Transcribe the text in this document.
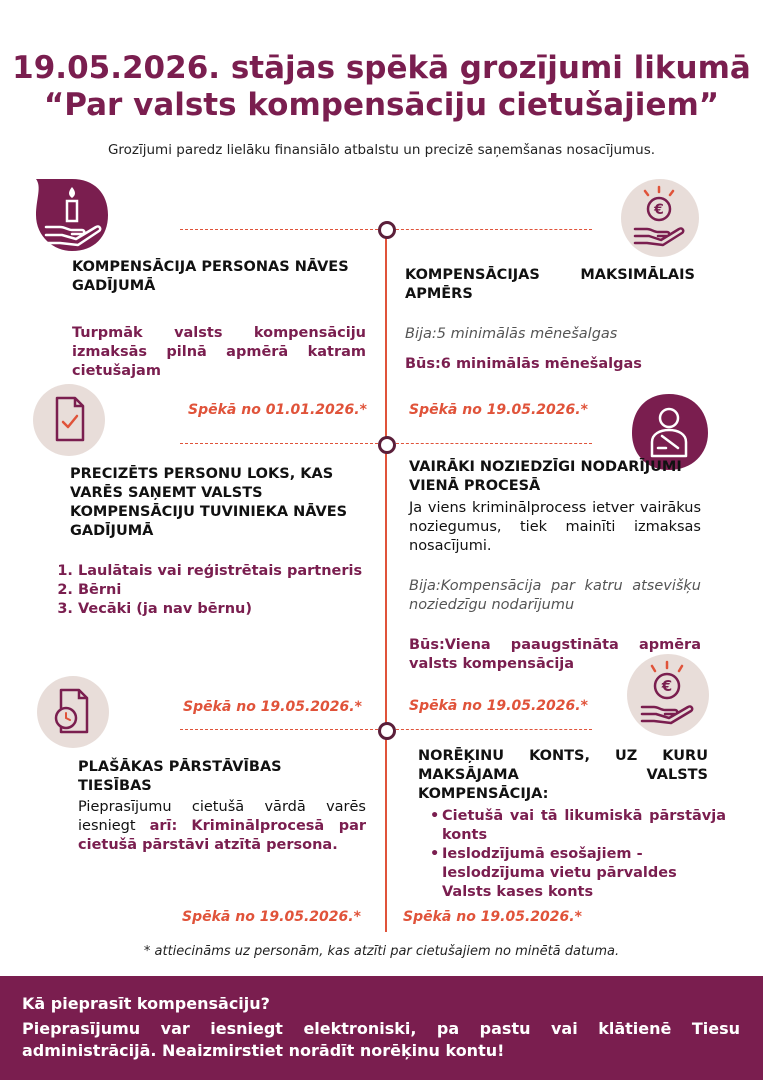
19.05.2026. stājas spēkā grozījumi likumā
“Par valsts kompensāciju cietušajiem”
Grozījumi paredz lielāku finansiālo atbalstu un precizē saņemšanas nosacījumus.
€
€
KOMPENSĀCIJA PERSONAS NĀVES GADĪJUMĀ
Turpmāk valsts kompensāciju izmaksās pilnā apmērā katram cietušajam
Spēkā no 01.01.2026.*
KOMPENSĀCIJAS MAKSIMĀLAIS APMĒRS
Bija:5 minimālās mēnešalgas
Būs:6 minimālās mēnešalgas
Spēkā no 19.05.2026.*
PRECIZĒTS PERSONU LOKS, KAS VARĒS SAŅEMT VALSTS KOMPENSĀCIJU TUVINIEKA NĀVES GADĪJUMĀ
1. Laulātais vai reģistrētais partneris
2. Bērni
3. Vecāki (ja nav bērnu)
Spēkā no 19.05.2026.*
VAIRĀKI NOZIEDZĪGI NODARĪJUMI VIENĀ PROCESĀ
Ja viens kriminālprocess ietver vairākus noziegumus, tiek mainīti izmaksas nosacījumi.
Bija:Kompensācija par katru atsevišķu noziedzīgu nodarījumu
Būs:Viena paaugstināta apmēra valsts kompensācija
Spēkā no 19.05.2026.*
PLAŠĀKAS PĀRSTĀVĪBAS TIESĪBAS
Pieprasījumu cietušā vārdā varēs iesniegt arī: Kriminālprocesā par cietušā pārstāvi atzītā persona.
Spēkā no 19.05.2026.*
NORĒĶINU KONTS, UZ KURU MAKSĀJAMA VALSTS KOMPENSĀCIJA:
• Cietušā vai tā likumiskā pārstāvja konts
• Ieslodzījumā esošajiem - Ieslodzījuma vietu pārvaldes Valsts kases konts
Spēkā no 19.05.2026.*
* attiecināms uz personām, kas atzīti par cietušajiem no minētā datuma.
Kā pieprasīt kompensāciju?
Pieprasījumu var iesniegt elektroniski, pa pastu vai klātienē Tiesu administrācijā. Neaizmirstiet norādīt norēķinu kontu!
